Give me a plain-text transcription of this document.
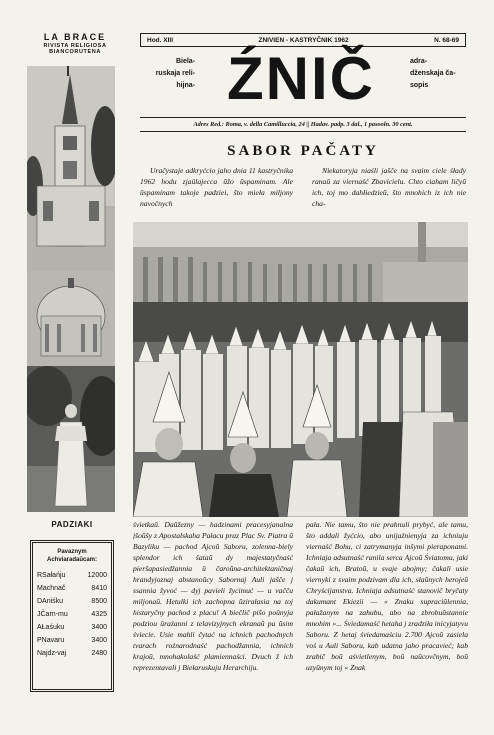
LA BRACE
RIVISTA RELIGIOSA BIANCORUTENA
PADZIAKI
Pavaznym
Achviaradaŭcam:
RSałańju	12000
Machnač	8410
DAniśku	8500
JČarn-mu	4325
AŁaśuku	3400
PNavaru	3400
Najdz-vaj	2480
Hod. XIII	ZNIVIEN - KASTRYČNIK 1962	N. 68-69
Biela-
ruskaja reli-
hijna- ŹNIČ	adra-
dženskaja ča-
sopis
Adres Red.: Roma, v. della Camilluccia, 24 || Hadav. padp. 3 dal., 1 pasoołn. 30 cent.
SABOR PAČATY
Uračystaje adkryćcio jaho dnia 11 kastryčnika 1962 hodu zjaülajecca ŭžo ŭspaminam. Ale ŭspaminam takoje padziei, što mieła miljony navočnych
Niekatoryja niaśli jašče na svaim ciele śłady ranaŭ za viernaść Zbavicielu. Chto ciaham liĉyŭ ich, toj mo dahłiedzieŭ, što mnohich iz ich nie cha-
śvietkaŭ. Daŭžezny — hadzinami pracesyjanalna jšoŭšy z Apostalskaha Pałacu praz Plac Sv. Piatra ŭ Bazyliku — pachod Ajcoŭ Saboru, zolenna-biely splendor ich šataŭ dy majestatyčnaść pieršapasiedžannia ŭ čaroŭna-architektaničnaj hrandyjoznaj abstanoŭcy Sabornaj Auli jašče j ssannia žyvoć — dyj pavieli žycimuć — u vaĉĉu miljonaŭ. Hetulki ich zachopna ŭzirałasia na toj histaryčny pachod z placu! A bieĉliĉ pišo poŭnyja podziou ŭraźanni z telavizyjnych ekranaŭ pa ŭsim śviecie. Usie mahli čytać na ichnich pachodnych tvarach roźnarodnaść pachodžannia, ichnich krajoŭ, mnohakolaść plamiennaści. Dvuch ž ich reprezentavali j Biełaruskuju Herarchiju.
pała. Nie tamu, što nie prahnuli prybyć, ale tamu, što addali žyćcio, abo unijaźnienyja za ichniuju viernaść Bohu, ci zatrymanyja inšymi pieraponami. Ichniaja adsutnaść ranila serca Ajcoŭ Śviatomu, jaki čakaŭ ich, Bratoŭ, u svaje abojmy; čakali usie viernyki z svaim podzivam dla ich, słaŭnych herojeŭ Chryścijanstva. Ichniaja adsutnaść stanoviĉ bryĉaty dakumant Ekiezii — « Znaku supraciŭlenniа, pałažanym na zahubu, abo na zbrobuŭstannie mnohim »... Śviedamaść hetaha j zradziła inicyjatyvu Saboru. Z hetaj śviedamaściu 2.700 Ajcoŭ zasiela voś u Auli Saboru, kab udatna jaho pracavieć; kab zrabiĉ boŭ aśviеtlenym, boŭ naŭcovčnym, boŭ uzyŭnym toj « Znak
